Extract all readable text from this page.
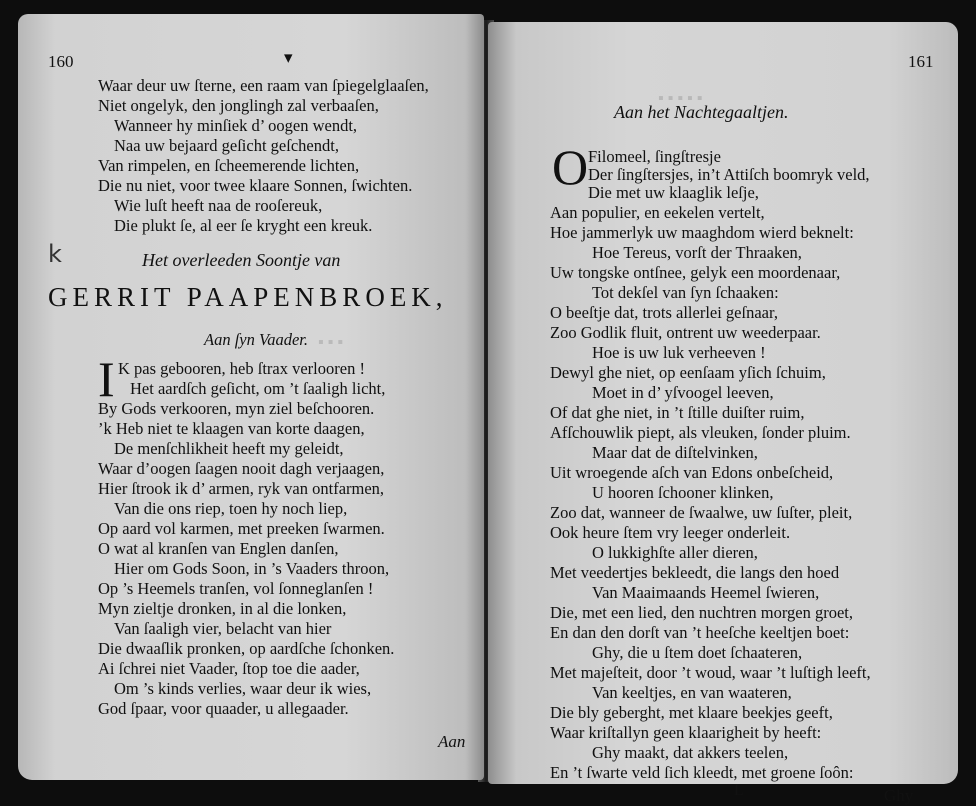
▪ ▪ ▪
160	▾
Waar deur uw ſterne, een raam van ſpiegelglaaſen,
Niet ongelyk, den jonglingh zal verbaaſen,
Wanneer hy minſiek d’ oogen wendt,
Naa uw bejaard geſicht geſchendt,
Van rimpelen, en ſcheemerende lichten,
Die nu niet, voor twee klaare Sonnen, ſwichten.
Wie luſt heeft naa de rooſereuk,
Die plukt ſe, al eer ſe kryght een kreuk.
k	Het overleeden Soontje van
GERRIT PAAPENBROEK,
Aan ſyn Vaader.
I K pas gebooren, heb ſtrax verlooren !
Het aardſch geſicht, om ’t ſaaligh licht,
By Gods verkooren, myn ziel beſchooren.
’k Heb niet te klaagen van korte daagen,
De menſchlikheit heeft my geleidt,
Waar d’oogen ſaagen nooit dagh verjaagen,
Hier ſtrook ik d’ armen, ryk van ontfarmen,
Van die ons riep, toen hy noch liep,
Op aard vol karmen, met preeken ſwarmen.
O wat al kranſen van Englen danſen,
Hier om Gods Soon, in ’s Vaaders throon,
Op ’s Heemels tranſen, vol ſonneglanſen !
Myn zieltje dronken, in al die lonken,
Van ſaaligh vier, belacht van hier
Die dwaaſlik pronken, op aardſche ſchonken.
Ai ſchrei niet Vaader, ſtop toe die aader,
Om ’s kinds verlies, waar deur ik wies,
God ſpaar, voor quaader, u allegaader.
Aan
▪ ▪ ▪ ▪ ▪
161
Aan het Nachtegaaltjen.
O Filomeel, ſingſtresje
Der ſingſtersjes, in’t Attiſch boomryk veld,
Die met uw klaaglik leſje,
Aan populier, en eekelen vertelt,
Hoe jammerlyk uw maaghdom wierd beknelt:
Hoe Tereus, vorſt der Thraaken,
Uw tongske ontſnee, gelyk een moordenaar,
Tot dekſel van ſyn ſchaaken:
O beeſtje dat, trots allerlei geſnaar,
Zoo Godlik fluit, ontrent uw weederpaar.
Hoe is uw luk verheeven !
Dewyl ghe niet, op eenſaam yſich ſchuim,
Moet in d’ yſvoogel leeven,
Of dat ghe niet, in ’t ſtille duiſter ruim,
Afſchouwlik piept, als vleuken, ſonder pluim.
Maar dat de diſtelvinken,
Uit wroegende aſch van Edons onbeſcheid,
U hooren ſchooner klinken,
Zoo dat, wanneer de ſwaalwe, uw ſuſter, pleit,
Ook heure ſtem vry leeger onderleit.
O lukkighſte aller dieren,
Met veedertjes bekleedt, die langs den hoed
Van Maaimaands Heemel ſwieren,
Die, met een lied, den nuchtren morgen groet,
En dan den dorſt van ’t heeſche keeltjen boet:
Ghy, die u ſtem doet ſchaateren,
Met majeſteit, door ’t woud, waar ’t luſtigh leeft,
Van keeltjes, en van waateren,
Die bly geberght, met klaare beekjes geeft,
Waar kriſtallyn geen klaarigheit by heeft:
Ghy maakt, dat akkers teelen,
En ’t ſwarte veld ſich kleedt, met groene ſoôn:
L	Ghy
